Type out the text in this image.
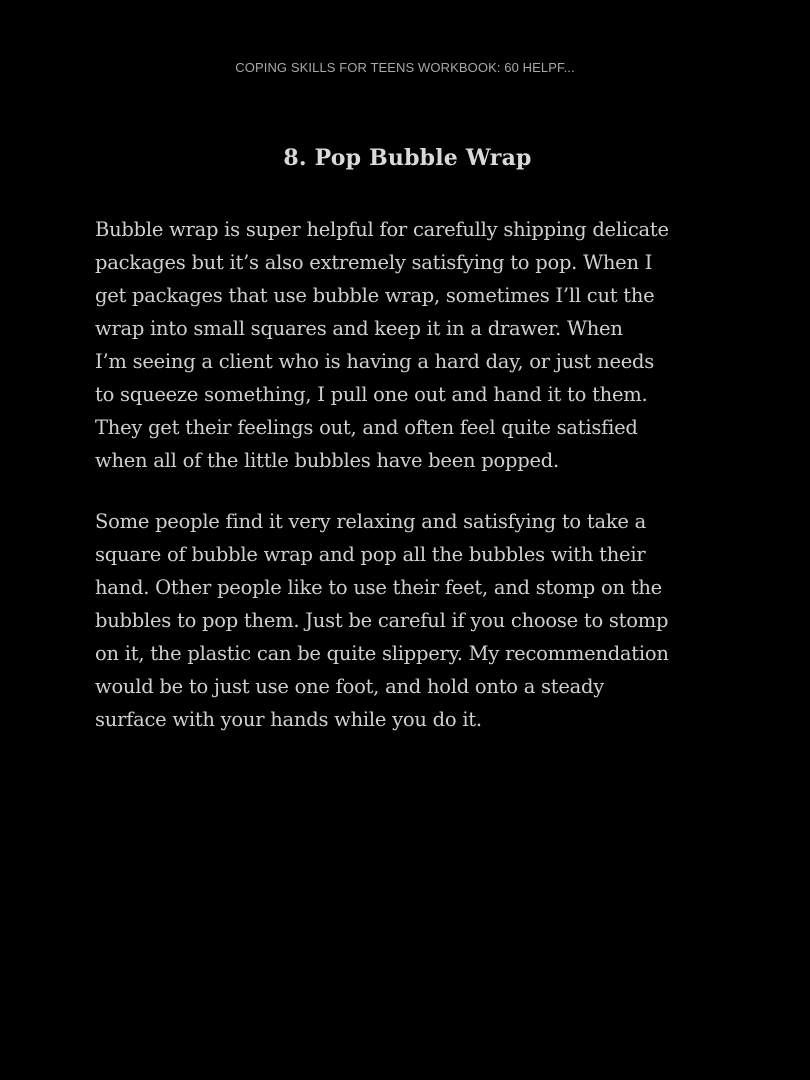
COPING SKILLS FOR TEENS WORKBOOK: 60 HELPF...
8. Pop Bubble Wrap

Bubble wrap is super helpful for carefully shipping delicate
packages but it’s also extremely satisfying to pop. When I
get packages that use bubble wrap, sometimes I’ll cut the
wrap into small squares and keep it in a drawer. When
I’m seeing a client who is having a hard day, or just needs
to squeeze something, I pull one out and hand it to them.
They get their feelings out, and often feel quite satisfied
when all of the little bubbles have been popped.

Some people find it very relaxing and satisfying to take a
square of bubble wrap and pop all the bubbles with their
hand. Other people like to use their feet, and stomp on the
bubbles to pop them. Just be careful if you choose to stomp
on it, the plastic can be quite slippery. My recommendation
would be to just use one foot, and hold onto a steady
surface with your hands while you do it.
